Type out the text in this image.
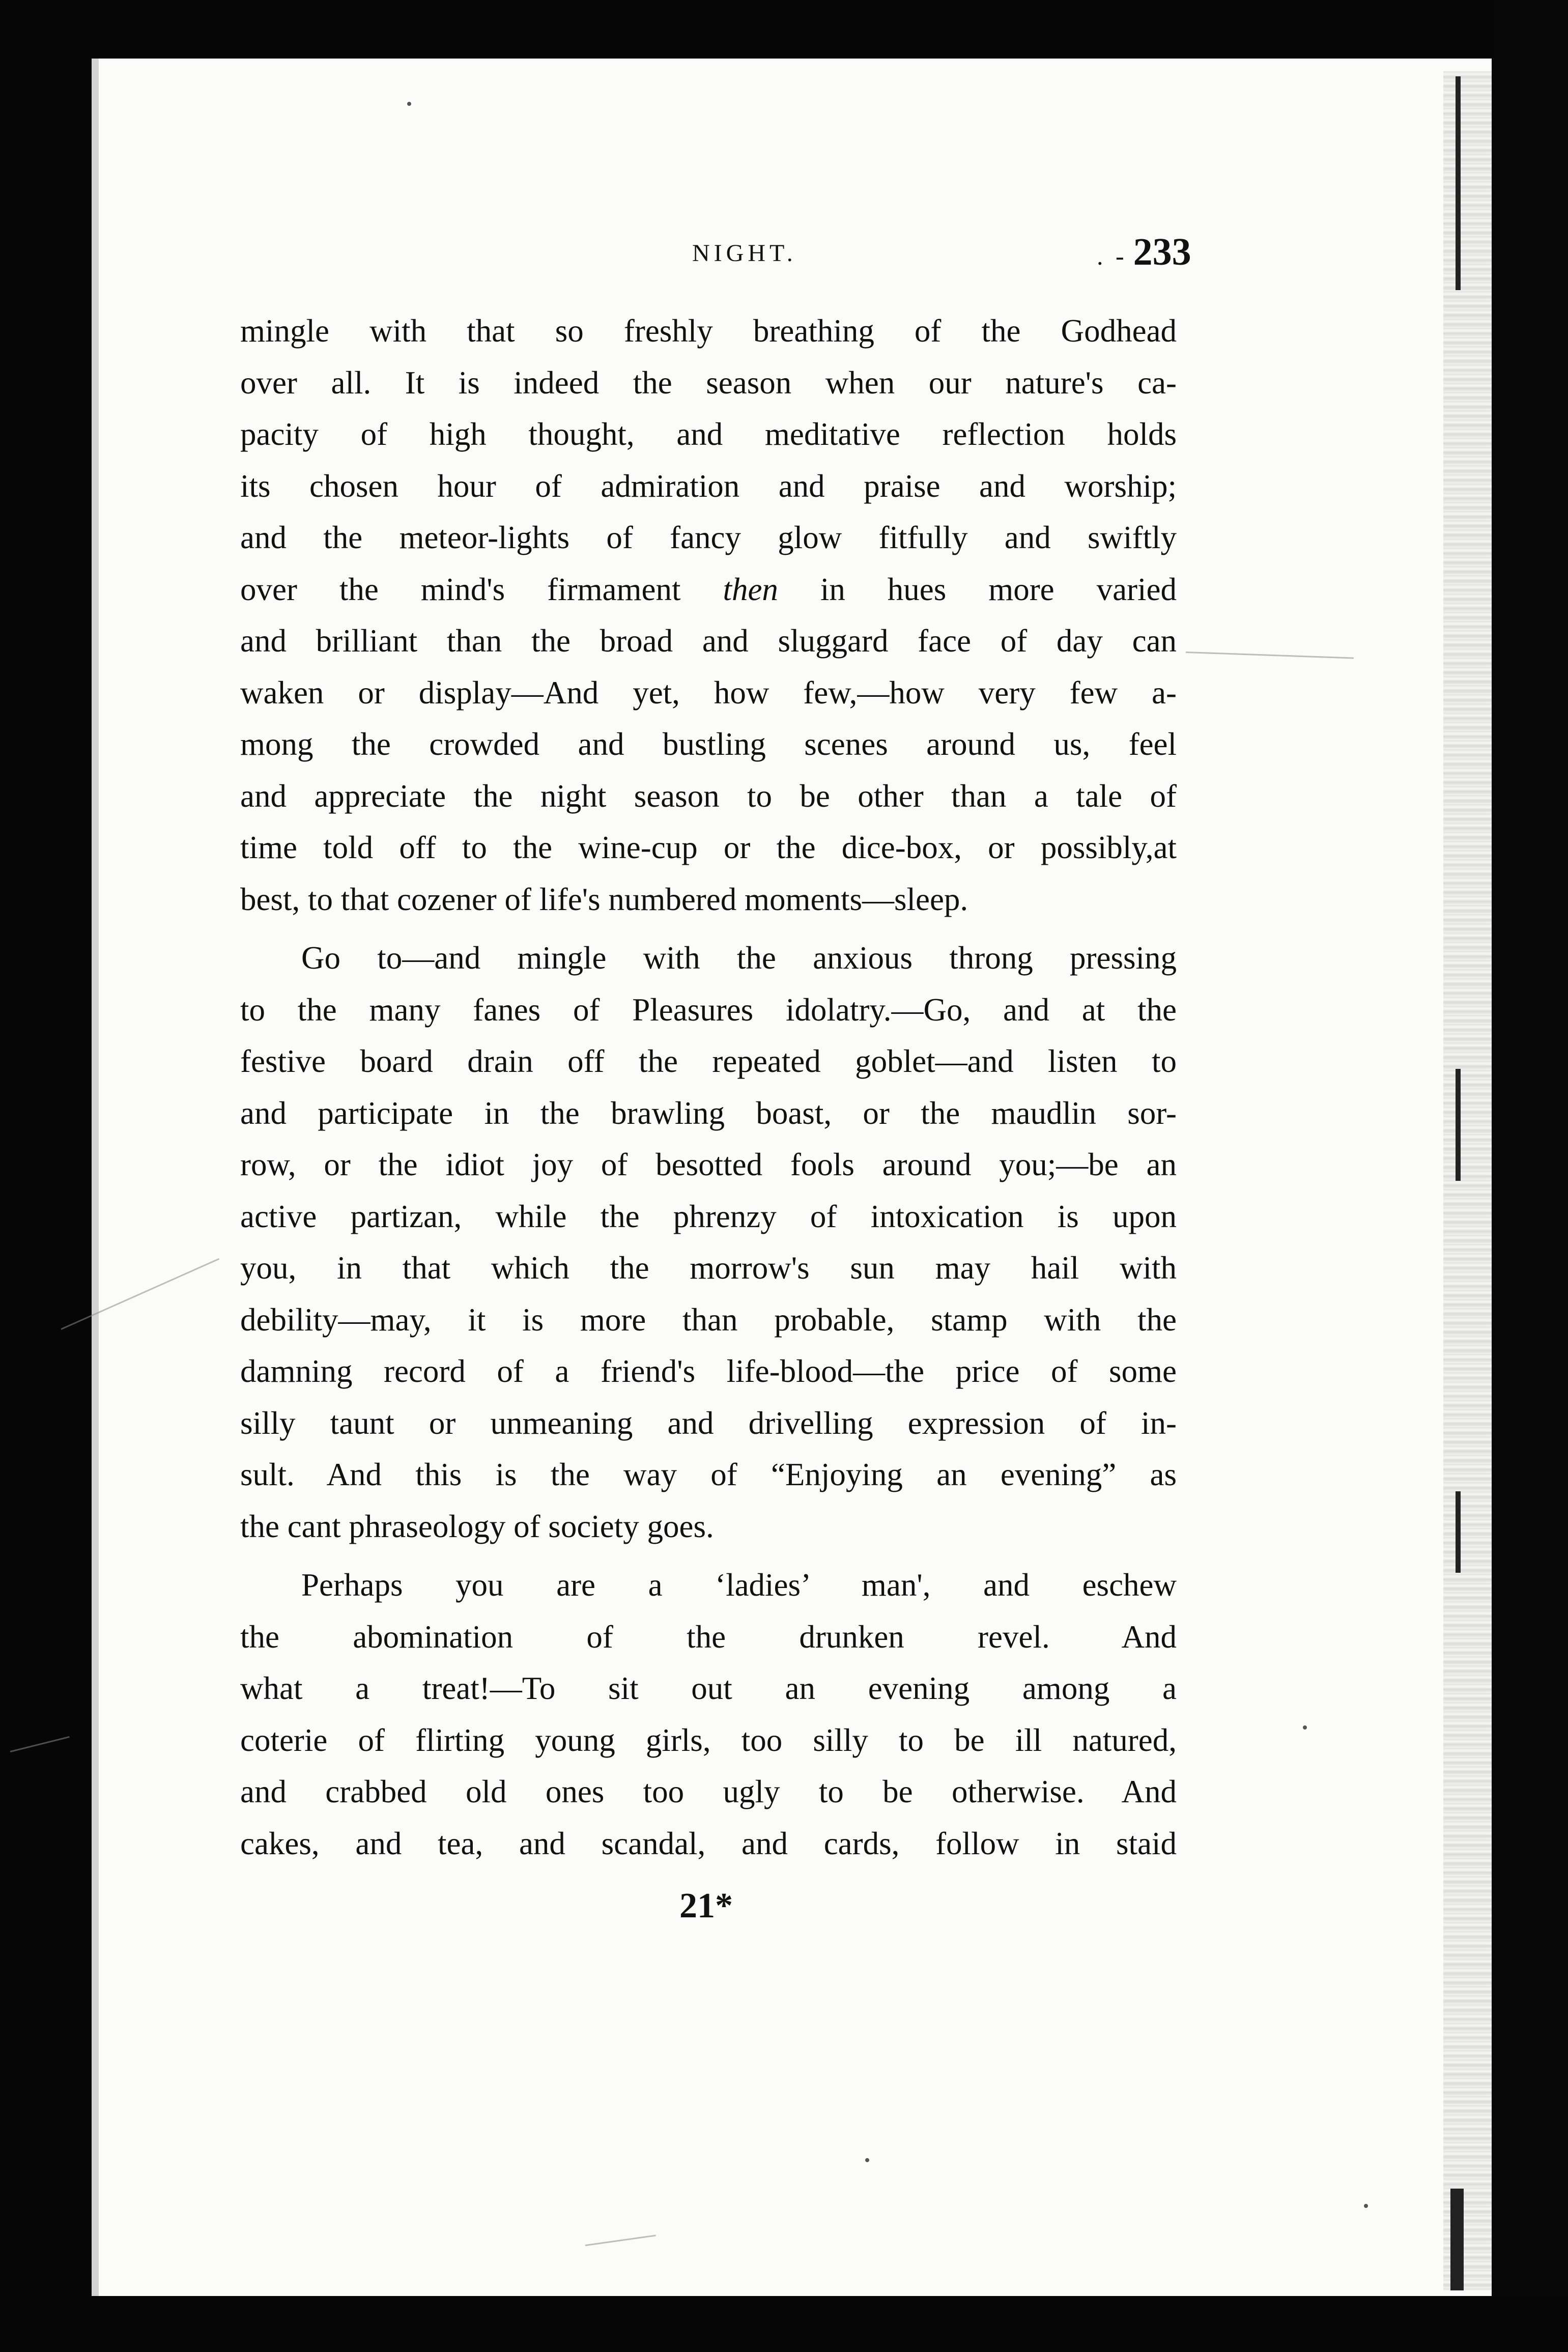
NIGHT.	. - 233
mingle with that so freshly breathing of the Godhead
over all. It is indeed the season when our nature's ca-
pacity of high thought, and meditative reflection holds
its chosen hour of admiration and praise and worship;
and the meteor-lights of fancy glow fitfully and swiftly
over the mind's firmament then in hues more varied
and brilliant than the broad and sluggard face of day can
waken or display—And yet, how few,—how very few a-
mong the crowded and bustling scenes around us, feel
and appreciate the night season to be other than a tale of
time told off to the wine-cup or the dice-box, or possibly,at
best, to that cozener of life's numbered moments—sleep.
Go to—and mingle with the anxious throng pressing
to the many fanes of Pleasures idolatry.—Go, and at the
festive board drain off the repeated goblet—and listen to
and participate in the brawling boast, or the maudlin sor-
row, or the idiot joy of besotted fools around you;—be an
active partizan, while the phrenzy of intoxication is upon
you, in that which the morrow's sun may hail with
debility—may, it is more than probable, stamp with the
damning record of a friend's life-blood—the price of some
silly taunt or unmeaning and drivelling expression of in-
sult. And this is the way of “Enjoying an evening” as
the cant phraseology of society goes.
Perhaps you are a ‘ladies’ man', and eschew
the abomination of the drunken revel. And
what a treat!—To sit out an evening among a
coterie of flirting young girls, too silly to be ill natured,
and crabbed old ones too ugly to be otherwise. And
cakes, and tea, and scandal, and cards, follow in staid
21*
